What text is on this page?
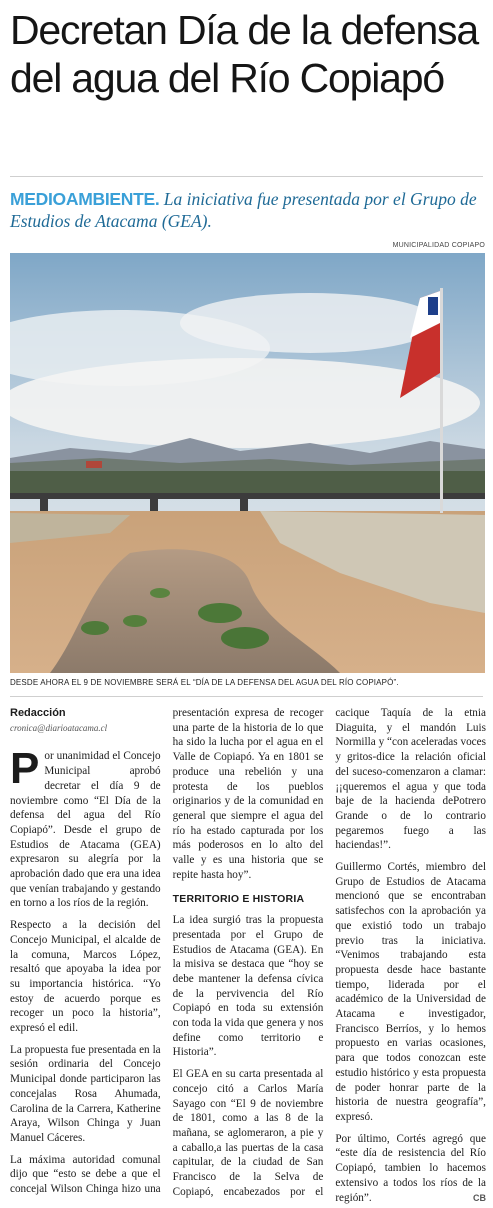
Decretan Día de la defensa del agua del Río Copiapó
MEDIOAMBIENTE. La iniciativa fue presentada por el Grupo de Estudios de Atacama (GEA).
MUNICIPALIDAD COPIAPO
DESDE AHORA EL 9 DE NOVIEMBRE SERÁ EL “DÍA DE LA DEFENSA DEL AGUA DEL RÍO COPIAPÓ”.

Redacción

cronica@diarioatacama.cl

Por unanimidad el Concejo Municipal aprobó decretar el día 9 de noviembre como “El Día de la defensa del agua del Río Copiapó”. Desde el grupo de Estudios de Atacama (GEA) expresaron su alegría por la aprobación dado que era una idea que venían trabajando y gestando en torno a los ríos de la región.

Respecto a la decisión del Concejo Municipal, el alcalde de la comuna, Marcos López, resaltó que apoyaba la idea por su importancia histórica. “Yo estoy de acuerdo porque es recoger un poco la historia”, expresó el edil.

La propuesta fue presentada en la sesión ordinaria del Concejo Municipal donde participaron las concejalas Rosa Ahumada, Carolina de la Carrera, Katherine Araya, Wilson Chinga y Juan Manuel Cáceres.

La máxima autoridad comunal dijo que “esto se debe a que el concejal Wilson Chinga hizo una presentación expresa de recoger una parte de la historia de lo que ha sido la lucha por el agua en el Valle de Copiapó. Ya en 1801 se produce una rebelión y una protesta de los pueblos originarios y de la comunidad en general que siempre el agua del río ha estado capturada por los más poderosos en lo alto del valle y es una historia que se repite hasta hoy”.

TERRITORIO E HISTORIA

La idea surgió tras la propuesta presentada por el Grupo de Estudios de Atacama (GEA). En la misiva se destaca que “hoy se debe mantener la defensa cívica de la pervivencia del Río Copiapó en toda su extensión con toda la vida que genera y nos define como territorio e Historia”.

El GEA en su carta presentada al concejo citó a Carlos María Sayago con “El 9 de noviembre de 1801, como a las 8 de la mañana, se aglomeraron, a pie y a caballo,a las puertas de la casa capitular, de la ciudad de San Francisco de la Selva de Copiapó, encabezados por el cacique Taquía de la etnia Diaguita, y el mandón Luis Normilla y “con aceleradas voces y gritos-dice la relación oficial del suceso-comenzaron a clamar: ¡¡queremos el agua y que toda baje de la hacienda dePotrero Grande o de lo contrario pegaremos fuego a las haciendas!”.

Guillermo Cortés, miembro del Grupo de Estudios de Atacama mencionó que se encontraban satisfechos con la aprobación ya que existió todo un trabajo previo tras la iniciativa. “Venimos trabajando esta propuesta desde hace bastante tiempo, liderada por el académico de la Universidad de Atacama e investigador, Francisco Berríos, y lo hemos propuesto en varias ocasiones, para que todos conozcan este estudio histórico y esta propuesta de poder honrar parte de la historia de nuestra geografía”, expresó.

Por último, Cortés agregó que “este día de resistencia del Río Copiapó, tambien lo hacemos extensivo a todos los ríos de la región”.	CB
